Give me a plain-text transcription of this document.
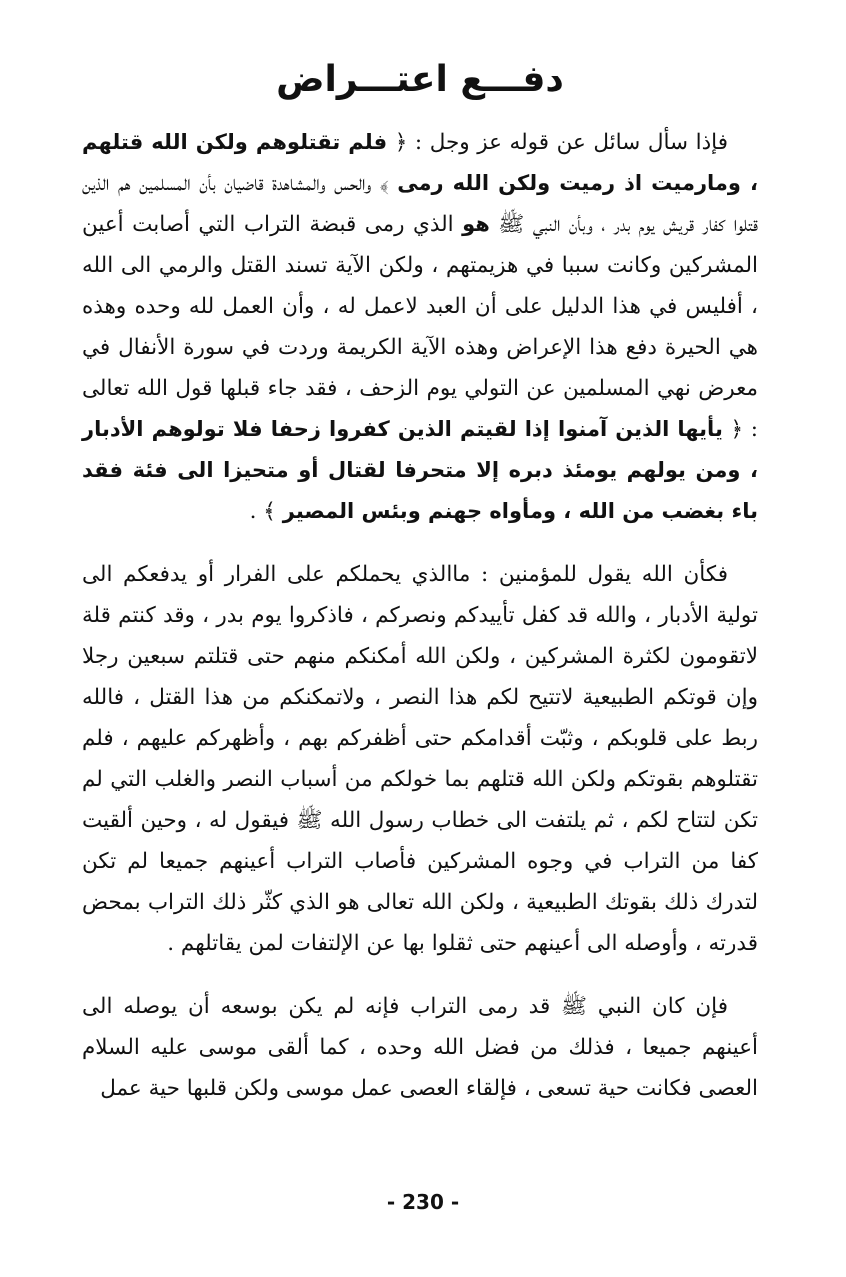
دفـــع اعتـــراض

فإذا سأل سائل عن قوله عز وجل : ﴿ فلم تقتلوهم ولكن الله قتلهم ، ومارميت اذ رميت ولكن الله رمى ﴾ والحس والمشاهدة قاضيان بأن المسلمين هم الذين قتلوا كفار قريش يوم بدر ، وبأن النبي ﷺ هو الذي رمى قبضة التراب التي أصابت أعين المشركين وكانت سببا في هزيمتهم ، ولكن الآية تسند القتل والرمي الى الله ، أفليس في هذا الدليل على أن العبد لاعمل له ، وأن العمل لله وحده وهذه هي الحيرة دفع هذا الإعراض وهذه الآية الكريمة وردت في سورة الأنفال في معرض نهي المسلمين عن التولي يوم الزحف ، فقد جاء قبلها قول الله تعالى : ﴿ يأيها الذين آمنوا إذا لقيتم الذين كفروا زحفا فلا تولوهم الأدبار ، ومن يولهم يومئذ دبره إلا متحرفا لقتال أو متحيزا الى فئة فقد باء بغضب من الله ، ومأواه جهنم وبئس المصير ﴾ .

فكأن الله يقول للمؤمنين : ماالذي يحملكم على الفرار أو يدفعكم الى تولية الأدبار ، والله قد كفل تأييدكم ونصركم ، فاذكروا يوم بدر ، وقد كنتم قلة لاتقومون لكثرة المشركين ، ولكن الله أمكنكم منهم حتى قتلتم سبعين رجلا وإن قوتكم الطبيعية لاتتيح لكم هذا النصر ، ولاتمكنكم من هذا القتل ، فالله ربط على قلوبكم ، وثبّت أقدامكم حتى أظفركم بهم ، وأظهركم عليهم ، فلم تقتلوهم بقوتكم ولكن الله قتلهم بما خولكم من أسباب النصر والغلب التي لم تكن لتتاح لكم ، ثم يلتفت الى خطاب رسول الله ﷺ فيقول له ، وحين ألقيت كفا من التراب في وجوه المشركين فأصاب التراب أعينهم جميعا لم تكن لتدرك ذلك بقوتك الطبيعية ، ولكن الله تعالى هو الذي كثّر ذلك التراب بمحض قدرته ، وأوصله الى أعينهم حتى ثقلوا بها عن الإلتفات لمن يقاتلهم .

فإن كان النبي ﷺ قد رمى التراب فإنه لم يكن بوسعه أن يوصله الى أعينهم جميعا ، فذلك من فضل الله وحده ، كما ألقى موسى عليه السلام العصى فكانت حية تسعى ، فإلقاء العصى عمل موسى ولكن قلبها حية عمل

- 230 -
